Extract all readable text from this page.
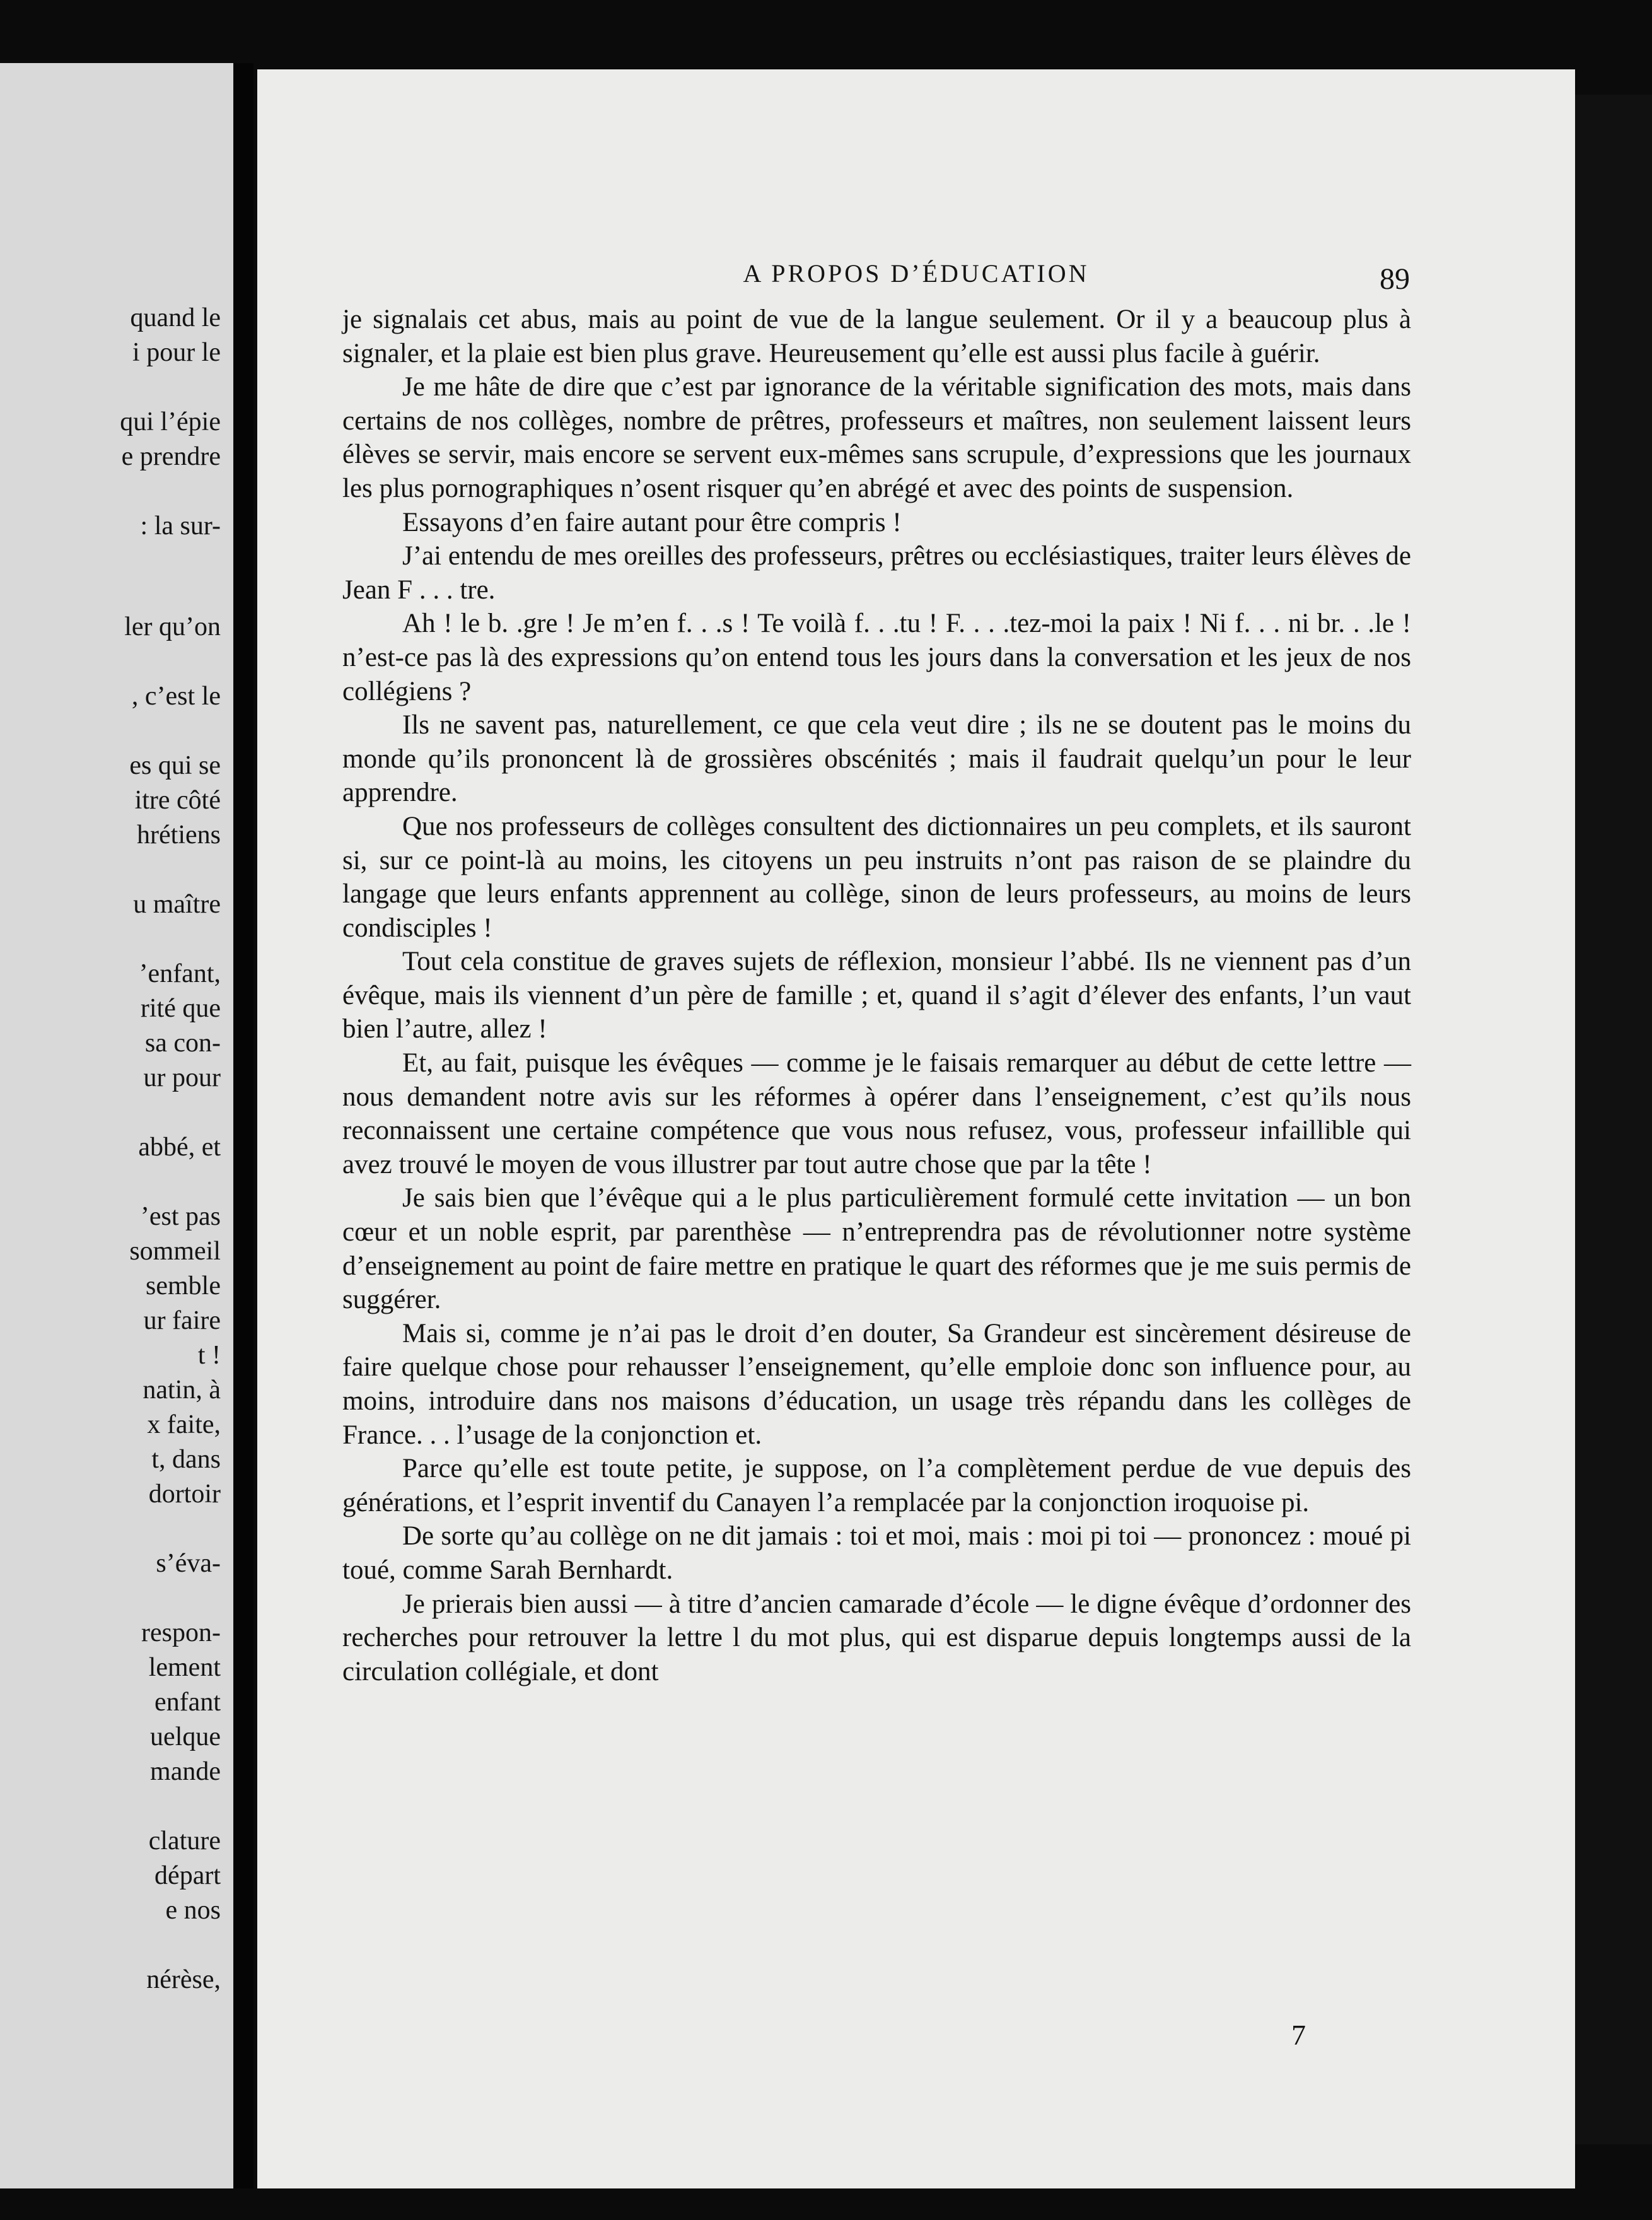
quand le
i pour le
qui l’épie
e prendre
: la sur-
ler qu’on
, c’est le
es qui se
itre côté
hrétiens
u maître
’enfant,
rité que
sa con-
ur pour
abbé, et
’est pas
sommeil
semble
ur faire
t !
natin, à
x faite,
t, dans
dortoir
s’éva-
respon-
lement
enfant
uelque
mande
clature
départ
e nos
nérèse,
A PROPOS D’ÉDUCATION	89

je signalais cet abus, mais au point de vue de la langue seulement. Or il y a beaucoup plus à signaler, et la plaie est bien plus grave. Heureusement qu’elle est aussi plus facile à guérir.

Je me hâte de dire que c’est par ignorance de la véritable signification des mots, mais dans certains de nos collèges, nombre de prêtres, professeurs et maîtres, non seulement laissent leurs élèves se servir, mais encore se servent eux-mêmes sans scrupule, d’expressions que les journaux les plus pornographiques n’osent risquer qu’en abrégé et avec des points de suspension.

Essayons d’en faire autant pour être compris !

J’ai entendu de mes oreilles des professeurs, prêtres ou ecclésiastiques, traiter leurs élèves de Jean F . . . tre.

Ah ! le b. .gre ! Je m’en f. . .s ! Te voilà f. . .tu ! F. . . .tez-moi la paix ! Ni f. . . ni br. . .le ! n’est-ce pas là des expressions qu’on entend tous les jours dans la conversation et les jeux de nos collégiens ?

Ils ne savent pas, naturellement, ce que cela veut dire ; ils ne se doutent pas le moins du monde qu’ils prononcent là de grossières obscénités ; mais il faudrait quelqu’un pour le leur apprendre.

Que nos professeurs de collèges consultent des dictionnaires un peu complets, et ils sauront si, sur ce point-là au moins, les citoyens un peu instruits n’ont pas raison de se plaindre du langage que leurs enfants apprennent au collège, sinon de leurs professeurs, au moins de leurs condisciples !

Tout cela constitue de graves sujets de réflexion, monsieur l’abbé. Ils ne viennent pas d’un évêque, mais ils viennent d’un père de famille ; et, quand il s’agit d’élever des enfants, l’un vaut bien l’autre, allez !

Et, au fait, puisque les évêques — comme je le faisais remarquer au début de cette lettre — nous demandent notre avis sur les réformes à opérer dans l’enseignement, c’est qu’ils nous reconnaissent une certaine compétence que vous nous refusez, vous, professeur infaillible qui avez trouvé le moyen de vous illustrer par tout autre chose que par la tête !

Je sais bien que l’évêque qui a le plus particulièrement formulé cette invitation — un bon cœur et un noble esprit, par parenthèse — n’entreprendra pas de révolutionner notre système d’enseignement au point de faire mettre en pratique le quart des réformes que je me suis permis de suggérer.

Mais si, comme je n’ai pas le droit d’en douter, Sa Grandeur est sincèrement désireuse de faire quelque chose pour rehausser l’enseignement, qu’elle emploie donc son influence pour, au moins, introduire dans nos maisons d’éducation, un usage très répandu dans les collèges de France. . . l’usage de la conjonction et.

Parce qu’elle est toute petite, je suppose, on l’a complètement perdue de vue depuis des générations, et l’esprit inventif du Canayen l’a remplacée par la conjonction iroquoise pi.

De sorte qu’au collège on ne dit jamais : toi et moi, mais : moi pi toi — prononcez : moué pi toué, comme Sarah Bernhardt.

Je prierais bien aussi — à titre d’ancien camarade d’école — le digne évêque d’ordonner des recherches pour retrouver la lettre l du mot plus, qui est disparue depuis longtemps aussi de la circulation collégiale, et dont

7
